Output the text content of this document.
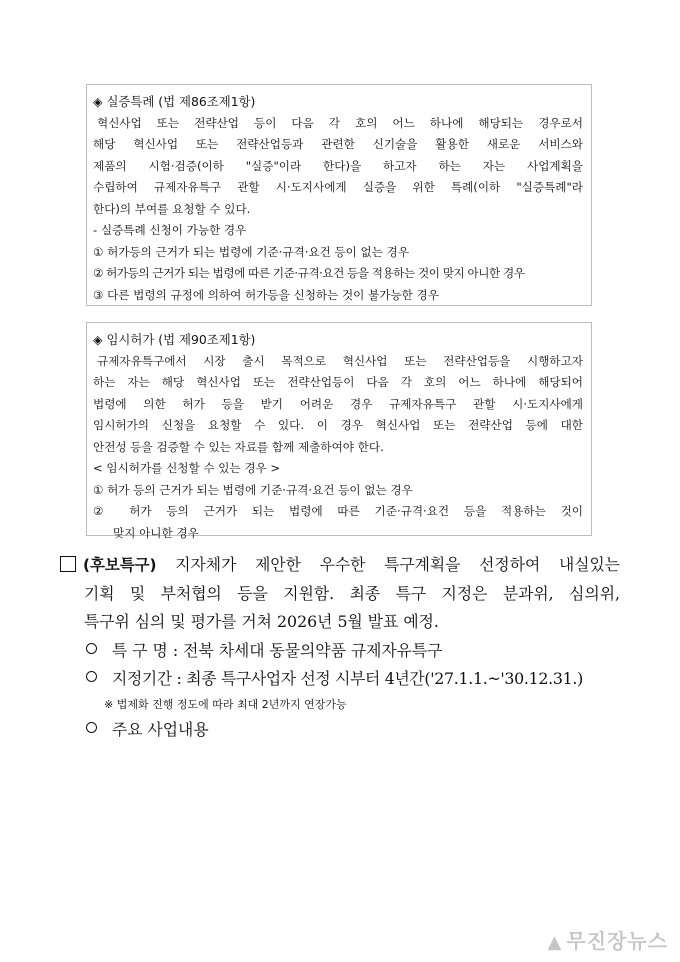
◈ 실증특례 (법 제86조제1항)
혁신사업 또는 전략산업 등이 다음 각 호의 어느 하나에 해당되는 경우로서
해당 혁신사업 또는 전략산업등과 관련한 신기술을 활용한 새로운 서비스와
제품의 시험·검증(이하 "실증"이라 한다)을 하고자 하는 자는 사업계획을
수립하여 규제자유특구 관할 시·도지사에게 실증을 위한 특례(이하 "실증특례"라
한다)의 부여를 요청할 수 있다.
- 실증특례 신청이 가능한 경우
① 허가등의 근거가 되는 법령에 기준·규격·요건 등이 없는 경우
② 허가등의 근거가 되는 법령에 따른 기준·규격·요건 등을 적용하는 것이 맞지 아니한 경우
③ 다른 법령의 규정에 의하여 허가등을 신청하는 것이 불가능한 경우
◈ 임시허가 (법 제90조제1항)
규제자유특구에서 시장 출시 목적으로 혁신사업 또는 전략산업등을 시행하고자
하는 자는 해당 혁신사업 또는 전략산업등이 다음 각 호의 어느 하나에 해당되어
법령에 의한 허가 등을 받기 어려운 경우 규제자유특구 관할 시·도지사에게
임시허가의 신청을 요청할 수 있다. 이 경우 혁신사업 또는 전략산업 등에 대한
안전성 등을 검증할 수 있는 자료를 함께 제출하여야 한다.
< 임시허가를 신청할 수 있는 경우 >
① 허가 등의 근거가 되는 법령에 기준·규격·요건 등이 없는 경우
② 허가 등의 근거가 되는 법령에 따른 기준·규격·요건 등을 적용하는 것이
맞지 아니한 경우
(후보특구) 지자체가 제안한 우수한 특구계획을 선정하여 내실있는
기획 및 부처협의 등을 지원함. 최종 특구 지정은 분과위, 심의위,
특구위 심의 및 평가를 거쳐 2026년 5월 발표 예정.
특 구 명 : 전북 차세대 동물의약품 규제자유특구
지정기간 : 최종 특구사업자 선정 시부터 4년간('27.1.1.~'30.12.31.)
※ 법제화 진행 정도에 따라 최대 2년까지 연장가능
주요 사업내용
▲ 무진장뉴스
